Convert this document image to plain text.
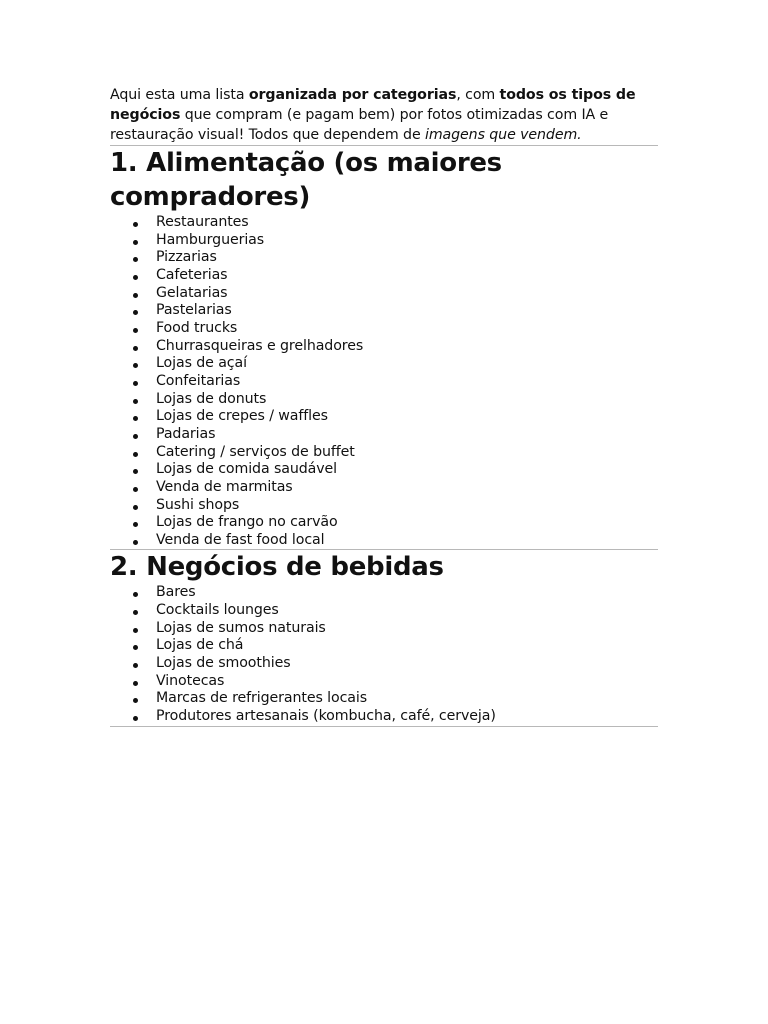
Aqui esta uma lista organizada por categorias, com todos os tipos de negócios que compram (e pagam bem) por fotos otimizadas com IA e restauração visual! Todos que dependem de imagens que vendem.

1. Alimentação (os maiores compradores)
Restaurantes
Hamburguerias
Pizzarias
Cafeterias
Gelatarias
Pastelarias
Food trucks
Churrasqueiras e grelhadores
Lojas de açaí
Confeitarias
Lojas de donuts
Lojas de crepes / waffles
Padarias
Catering / serviços de buffet
Lojas de comida saudável
Venda de marmitas
Sushi shops
Lojas de frango no carvão
Venda de fast food local
2. Negócios de bebidas
Bares
Cocktails lounges
Lojas de sumos naturais
Lojas de chá
Lojas de smoothies
Vinotecas
Marcas de refrigerantes locais
Produtores artesanais (kombucha, café, cerveja)
